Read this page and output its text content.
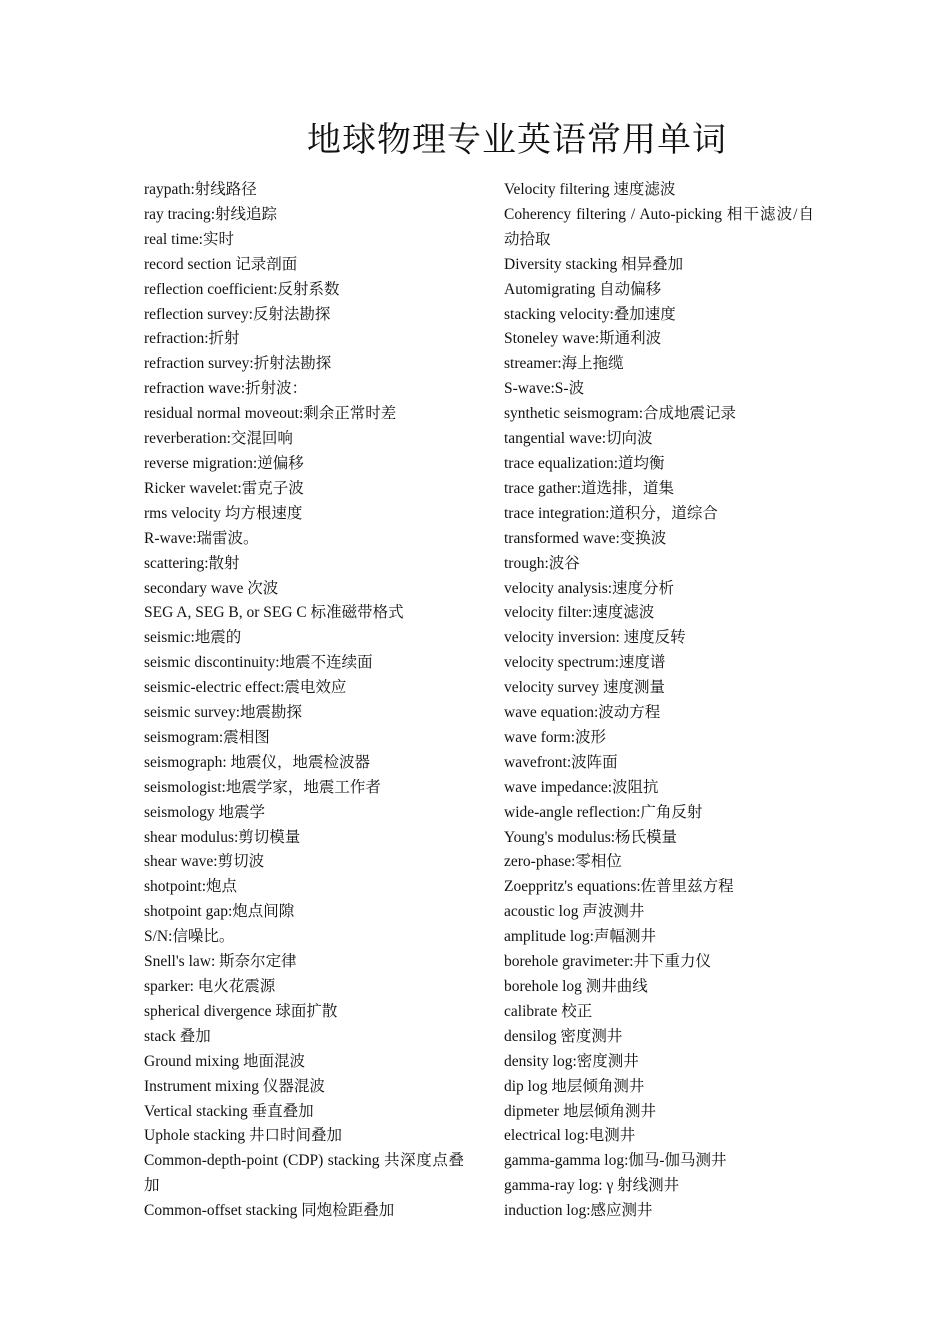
地球物理专业英语常用单词

raypath:射线路径

ray tracing:射线追踪

real time:实时

record section 记录剖面

reflection coefficient:反射系数

reflection survey:反射法勘探

refraction:折射

refraction survey:折射法勘探

refraction wave:折射波：

residual normal moveout:剩余正常时差

reverberation:交混回响

reverse migration:逆偏移

Ricker wavelet:雷克子波

rms velocity 均方根速度

R-wave:瑞雷波。

scattering:散射

secondary wave 次波

SEG A, SEG B, or SEG C 标准磁带格式

seismic:地震的

seismic discontinuity:地震不连续面

seismic-electric effect:震电效应

seismic survey:地震勘探

seismogram:震相图

seismograph: 地震仪，地震检波器

seismologist:地震学家，地震工作者

seismology 地震学

shear modulus:剪切模量

shear wave:剪切波

shotpoint:炮点

shotpoint gap:炮点间隙

S/N:信噪比。

Snell's law: 斯奈尔定律

sparker: 电火花震源

spherical divergence 球面扩散

stack 叠加

Ground mixing 地面混波

Instrument mixing 仪器混波

Vertical stacking 垂直叠加

Uphole stacking 井口时间叠加

Common-depth-point (CDP) stacking 共深度点叠加

Common-offset stacking 同炮检距叠加

Velocity filtering 速度滤波

Coherency filtering / Auto-picking 相干滤波/自动拾取

Diversity stacking 相异叠加

Automigrating 自动偏移

stacking velocity:叠加速度

Stoneley wave:斯通利波

streamer:海上拖缆

S-wave:S-波

synthetic seismogram:合成地震记录

tangential wave:切向波

trace equalization:道均衡

trace gather:道选排，道集

trace integration:道积分，道综合

transformed wave:变换波

trough:波谷

velocity analysis:速度分析

velocity filter:速度滤波

velocity inversion: 速度反转

velocity spectrum:速度谱

velocity survey 速度测量

wave equation:波动方程

wave form:波形

wavefront:波阵面

wave impedance:波阻抗

wide-angle reflection:广角反射

Young's modulus:杨氏模量

zero-phase:零相位

Zoeppritz's equations:佐普里兹方程

acoustic log 声波测井

amplitude log:声幅测井

borehole gravimeter:井下重力仪

borehole log 测井曲线

calibrate 校正

densilog 密度测井

density log:密度测井

dip log 地层倾角测井

dipmeter 地层倾角测井

electrical log:电测井

gamma-gamma log:伽马-伽马测井

gamma-ray log: γ 射线测井

induction log:感应测井
